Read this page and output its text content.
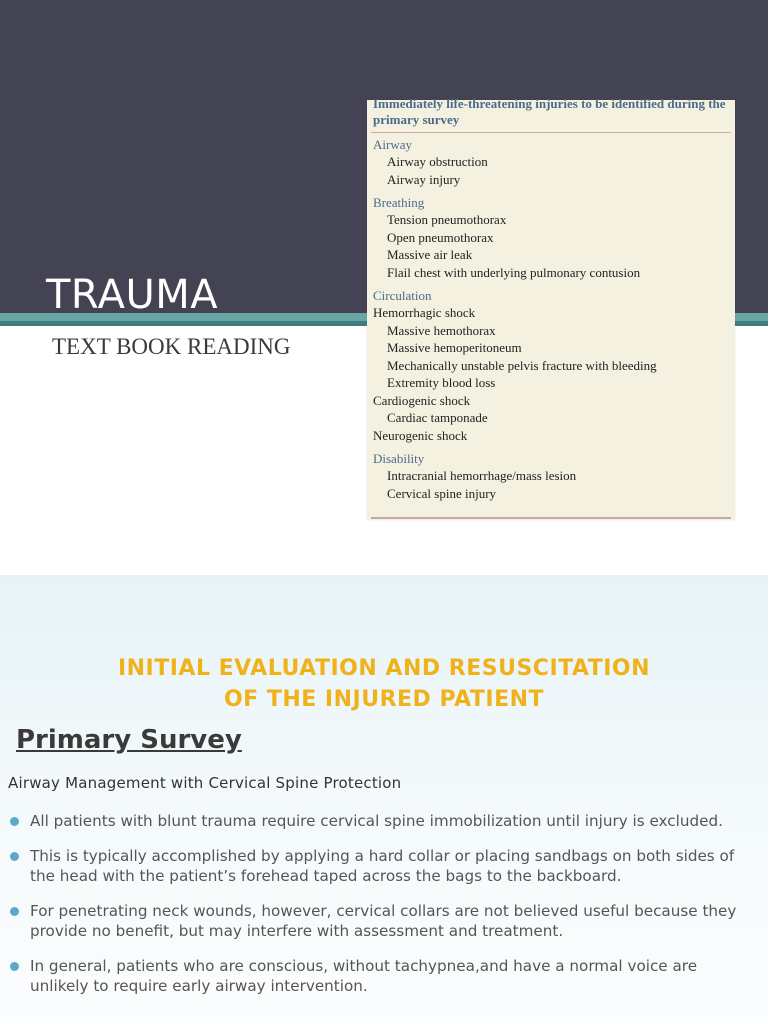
TRAUMA
TEXT BOOK READING
Immediately life-threatening injuries to be identified during the primary survey
Airway
Airway obstruction
Airway injury
Breathing
Tension pneumothorax
Open pneumothorax
Massive air leak
Flail chest with underlying pulmonary contusion
Circulation
Hemorrhagic shock
Massive hemothorax
Massive hemoperitoneum
Mechanically unstable pelvis fracture with bleeding
Extremity blood loss
Cardiogenic shock
Cardiac tamponade
Neurogenic shock
Disability
Intracranial hemorrhage/mass lesion
Cervical spine injury
INITIAL EVALUATION AND RESUSCITATION
OF THE INJURED PATIENT
Primary Survey
Airway Management with Cervical Spine Protection
All patients with blunt trauma require cervical spine immobilization until injury is excluded.
This is typically accomplished by applying a hard collar or placing sandbags on both sides of the head with the patient’s forehead taped across the bags to the backboard.
For penetrating neck wounds, however, cervical collars are not believed useful because they provide no benefit, but may interfere with assessment and treatment.
In general, patients who are conscious, without tachypnea,and have a normal voice are unlikely to require early airway intervention.
